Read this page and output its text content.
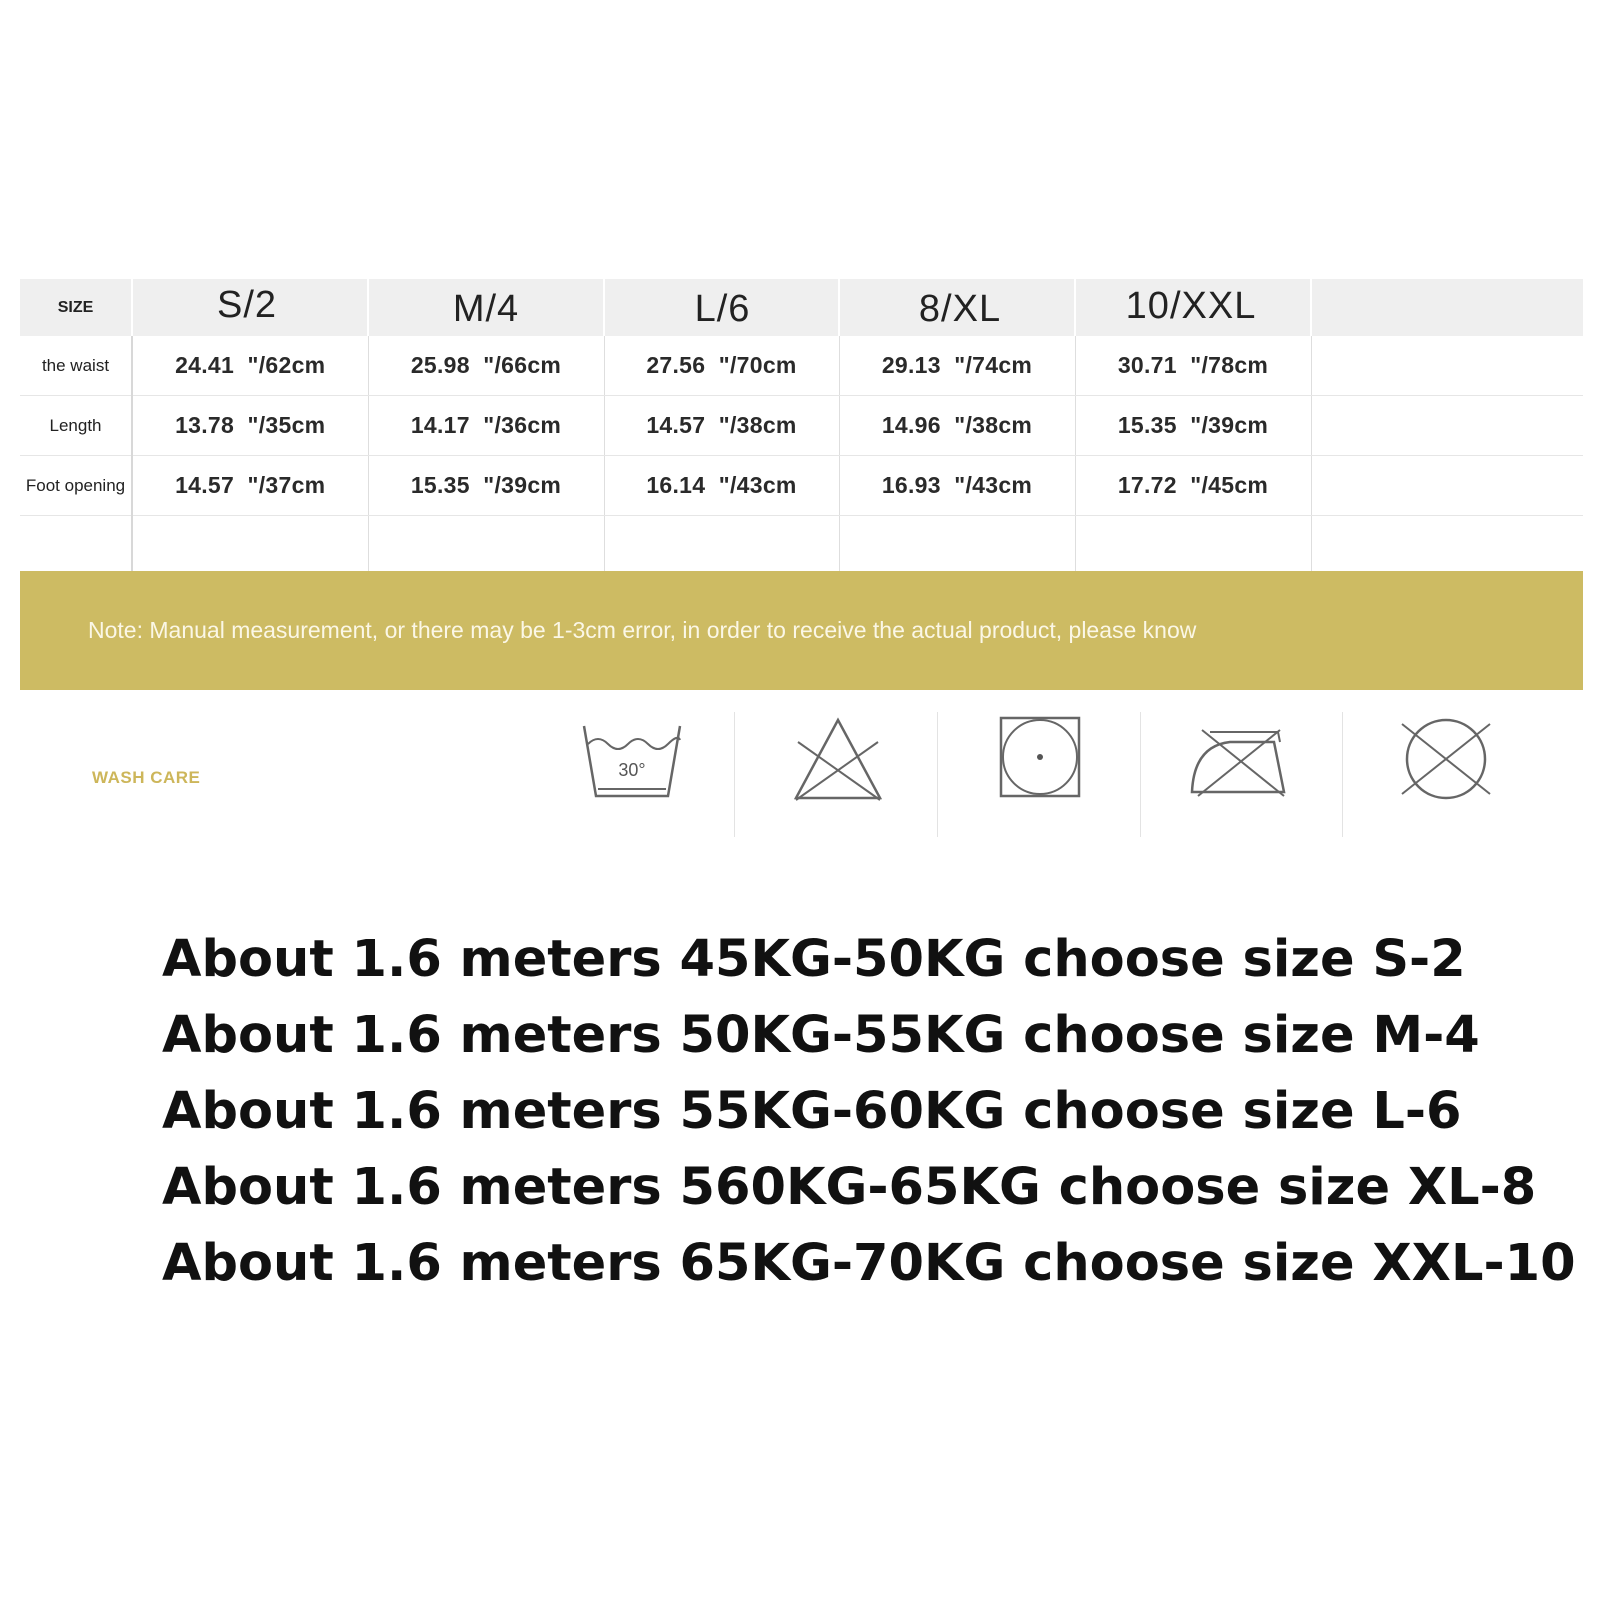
SIZE	S/2	M/4	L/6	8/XL	10/XXL	
the waist	24.41  "/62cm	25.98  "/66cm	27.56  "/70cm	29.13  "/74cm	30.71  "/78cm	
Length	13.78  "/35cm	14.17  "/36cm	14.57  "/38cm	14.96  "/38cm	15.35  "/39cm	
Foot opening	14.57  "/37cm	15.35  "/39cm	16.14  "/43cm	16.93  "/43cm	17.72  "/45cm	

Note: Manual measurement, or there may be 1-3cm error, in order to receive the actual product, please know
WASH CARE	30°
About 1.6 meters 45KG-50KG choose size S-2
About 1.6 meters 50KG-55KG choose size M-4
About 1.6 meters 55KG-60KG choose size L-6
About 1.6 meters 560KG-65KG choose size XL-8
About 1.6 meters 65KG-70KG choose size XXL-10
